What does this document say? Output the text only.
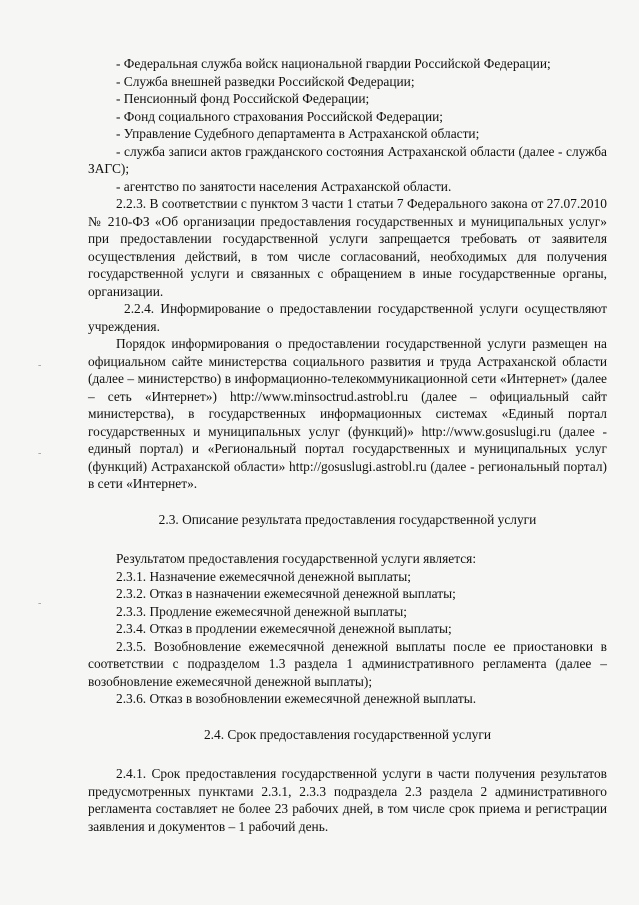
-
-
-

- Федеральная служба войск национальной гвардии Российской Федерации;

- Служба внешней разведки Российской Федерации;

- Пенсионный фонд Российской Федерации;

- Фонд социального страхования Российской Федерации;

- Управление Судебного департамента в Астраханской области;

- служба записи актов гражданского состояния Астраханской области (далее - служба ЗАГС);

- агентство по занятости населения Астраханской области.

2.2.3. В соответствии с пунктом 3 части 1 статьи 7 Федерального закона от 27.07.2010 № 210-ФЗ «Об организации предоставления государственных и муниципальных услуг» при предоставлении государственной услуги запрещается требовать от заявителя осуществления действий, в том числе согласований, необходимых для получения государственной услуги и связанных с обращением в иные государственные органы, организации.

2.2.4. Информирование о предоставлении государственной услуги осуществляют учреждения.

Порядок информирования о предоставлении государственной услуги размещен на официальном сайте министерства социального развития и труда Астраханской области (далее – министерство) в информационно-телекоммуникационной сети «Интернет» (далее – сеть «Интернет») http://www.minsoctrud.astrobl.ru (далее – официальный сайт министерства), в государственных информационных системах «Единый портал государственных и муниципальных услуг (функций)» http://www.gosuslugi.ru (далее - единый портал) и «Региональный портал государственных и муниципальных услуг (функций) Астраханской области» http://gosuslugi.astrobl.ru (далее - региональный портал) в сети «Интернет».

2.3. Описание результата предоставления государственной услуги

Результатом предоставления государственной услуги является:

2.3.1. Назначение ежемесячной денежной выплаты;

2.3.2. Отказ в назначении ежемесячной денежной выплаты;

2.3.3. Продление ежемесячной денежной выплаты;

2.3.4. Отказ в продлении ежемесячной денежной выплаты;

2.3.5. Возобновление ежемесячной денежной выплаты после ее приостановки в соответствии с подразделом 1.3 раздела 1 административного регламента (далее – возобновление ежемесячной денежной выплаты);

2.3.6. Отказ в возобновлении ежемесячной денежной выплаты.

2.4. Срок предоставления государственной услуги

2.4.1. Срок предоставления государственной услуги в части получения результатов предусмотренных пунктами 2.3.1, 2.3.3 подраздела 2.3 раздела 2 административного регламента составляет не более 23 рабочих дней, в том числе срок приема и регистрации заявления и документов – 1 рабочий день.
